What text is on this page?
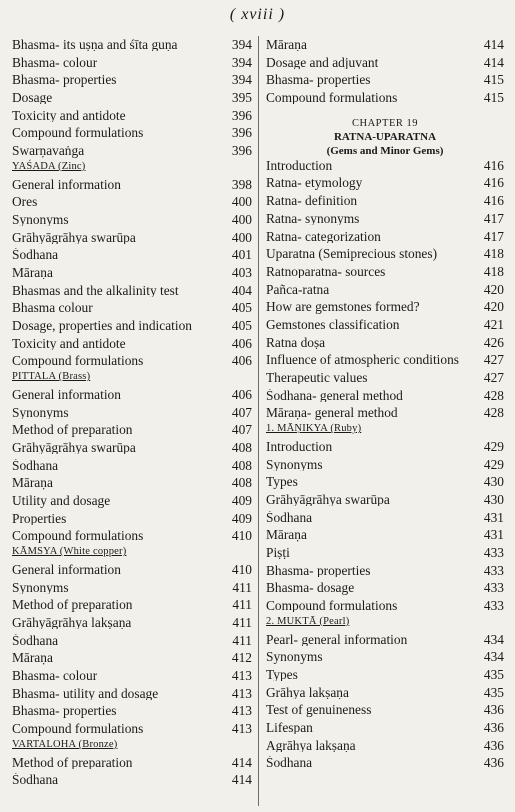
( xviii )
Bhasma- its uṣṇa and śīta guṇa	394
Bhasma- colour	394
Bhasma- properties	394
Dosage	395
Toxicity and antidote	396
Compound formulations	396
Swarṇavaṅga	396
YAŚADA (Zinc)
General information	398
Ores	400
Synonyms	400
Grāhyāgrāhya swarūpa	400
Śodhana	401
Māraṇa	403
Bhasmas and the alkalinity test	404
Bhasma colour	405
Dosage, properties and indication	405
Toxicity and antidote	406
Compound formulations	406
PITTALA (Brass)
General information	406
Synonyms	407
Method of preparation	407
Grāhyāgrāhya swarūpa	408
Śodhana	408
Māraṇa	408
Utility and dosage	409
Properties	409
Compound formulations	410
KĀMSYA (White copper)
General information	410
Synonyms	411
Method of preparation	411
Grāhyāgrāhya lakṣaṇa	411
Śodhana	411
Māraṇa	412
Bhasma- colour	413
Bhasma- utility and dosage	413
Bhasma- properties	413
Compound formulations	413
VARTALOHA (Bronze)
Method of preparation	414
Śodhana	414
Māraṇa	414
Dosage and adjuvant	414
Bhasma- properties	415
Compound formulations	415
CHAPTER 19
RATNA-UPARATNA
(Gems and Minor Gems)
Introduction	416
Ratna- etymology	416
Ratna- definition	416
Ratna- synonyms	417
Ratna- categorization	417
Uparatna (Semiprecious stones)	418
Ratnoparatna- sources	418
Pañca-ratna	420
How are gemstones formed?	420
Gemstones classification	421
Ratna doṣa	426
Influence of atmospheric conditions 427
Therapeutic values	427
Śodhana- general method	428
Māraṇa- general method	428
1. MĀṆIKYA (Ruby)
Introduction	429
Synonyms	429
Types	430
Grāhyāgrāhya swarūpa	430
Śodhana	431
Māraṇa	431
Piṣṭi	433
Bhasma- properties	433
Bhasma- dosage	433
Compound formulations	433
2. MUKTĀ (Pearl)
Pearl- general information	434
Synonyms	434
Types	435
Grāhya lakṣaṇa	435
Test of genuineness	436
Lifespan	436
Agrāhya lakṣaṇa	436
Śodhana	436
